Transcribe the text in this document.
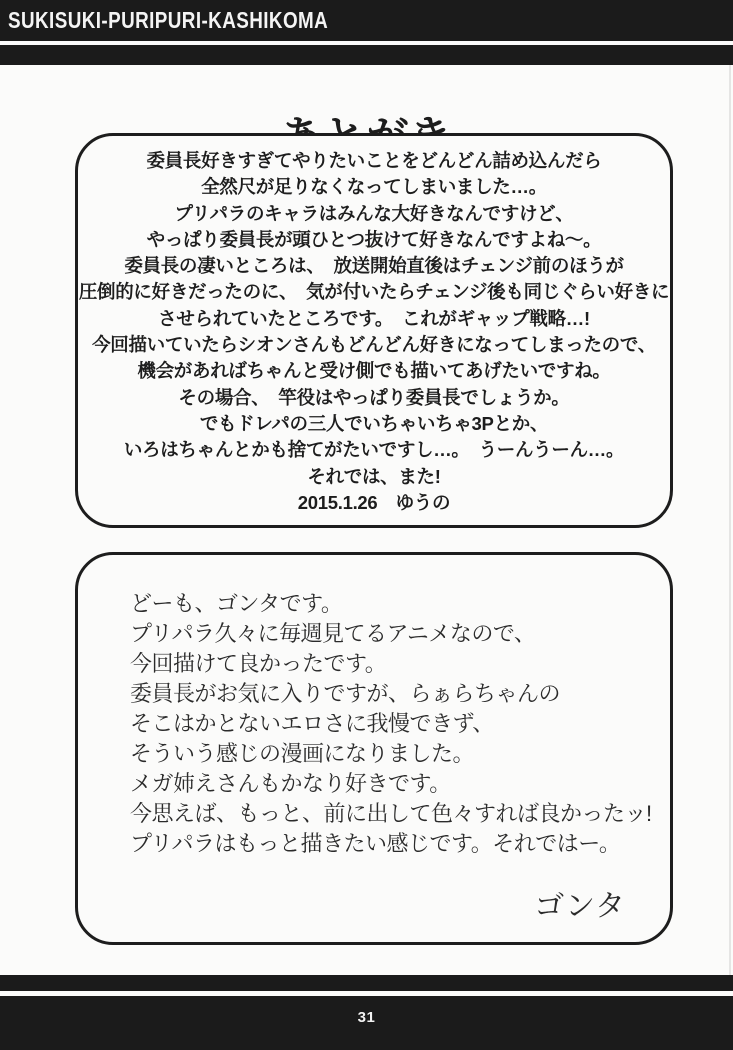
SUKISUKI-PURIPURI-KASHIKOMA
委員長好きすぎてやりたいことをどんどん詰め込んだら
全然尺が足りなくなってしまいました…。
プリパラのキャラはみんな大好きなんですけど、
やっぱり委員長が頭ひとつ抜けて好きなんですよね～。
委員長の凄いところは、　放送開始直後はチェンジ前のほうが
圧倒的に好きだったのに、　気が付いたらチェンジ後も同じぐらい好きに
させられていたところです。　これがギャップ戦略…!
今回描いていたらシオンさんもどんどん好きになってしまったので、
機会があればちゃんと受け側でも描いてあげたいですね。
その場合、　竿役はやっぱり委員長でしょうか。
でもドレパの三人でいちゃいちゃ3Pとか、
いろはちゃんとかも捨てがたいですし…。　うーんうーん…。
それでは、また!
2015.1.26　ゆうの
どーも、ゴンタです。
プリパラ久々に毎週見てるアニメなので、
今回描けて良かったです。
委員長がお気に入りですが、らぁらちゃんの
そこはかとないエロさに我慢できず、
そういう感じの漫画になりました。
メガ姉えさんもかなり好きです。
今思えば、もっと、前に出して色々すれば良かったッ!
プリパラはもっと描きたい感じです。それではー。
ゴンタ
31
